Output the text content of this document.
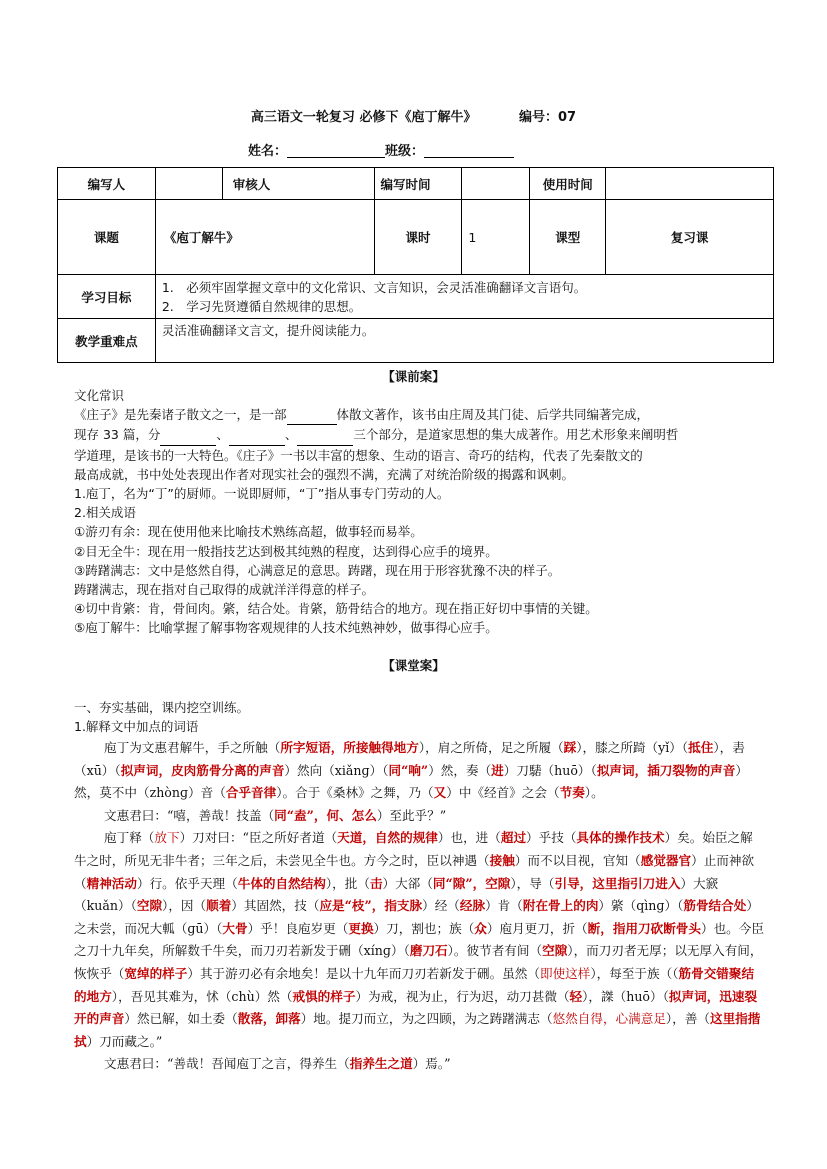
高三语文一轮复习 必修下《庖丁解牛》	编号：07
姓名：	班级：
编写人		审核人	编写时间		使用时间	
课题	《庖丁解牛》		课时	1	课型	复习课
学习目标	1.　必须牢固掌握文章中的文化常识、文言知识，会灵活准确翻译文言语句。
2.　学习先贤遵循自然规律的思想。					

教学重难点	灵活准确翻译文言文，提升阅读能力。					
【课前案】

文化常识

《庄子》是先秦诸子散文之一，是一部	体散文著作，该书由庄周及其门徒、后学共同编著完成，

现存 33 篇，分	、	、	三个部分，是道家思想的集大成著作。用艺术形象来阐明哲

学道理，是该书的一大特色。《庄子》一书以丰富的想象、生动的语言、奇巧的结构，代表了先秦散文的

最高成就，书中处处表现出作者对现实社会的强烈不满，充满了对统治阶级的揭露和讽刺。

1.庖丁，名为“丁”的厨师。一说即厨师，“丁”指从事专门劳动的人。

2.相关成语

①游刃有余：现在使用他来比喻技术熟练高超，做事轻而易举。

②目无全牛：现在用一般指技艺达到极其纯熟的程度，达到得心应手的境界。

③踌躇满志：文中是悠然自得，心满意足的意思。踌躇，现在用于形容犹豫不决的样子。

踌躇满志，现在指对自己取得的成就洋洋得意的样子。

④切中肯綮：肯，骨间肉。綮，结合处。肯綮，筋骨结合的地方。现在指正好切中事情的关键。

⑤庖丁解牛：比喻掌握了解事物客观规律的人技术纯熟神妙，做事得心应手。

【课堂案】

一、夯实基础，课内挖空训练。

1.解释文中加点的词语

庖丁为文惠君解牛，手之所触（所字短语，所接触得地方），肩之所倚，足之所履（踩），膝之所踦（yǐ）（抵住），砉（xū）（拟声词，皮肉筋骨分离的声音）然向（xiǎnɡ）（同“响”）然，奏（进）刀騞（huō）（拟声词，插刀裂物的声音）然，莫不中（zhònɡ）音（合乎音律）。合于《桑林》之舞，乃（又）中《经首》之会（节奏）。

文惠君曰：“嘻，善哉！技盖（同“盍”，何、怎么）至此乎？”

庖丁释（放下）刀对曰：“臣之所好者道（天道，自然的规律）也，进（超过）乎技（具体的操作技术）矣。始臣之解牛之时，所见无非牛者；三年之后，未尝见全牛也。方今之时，臣以神遇（接触）而不以目视，官知（感觉器官）止而神欲（精神活动）行。依乎天理（牛体的自然结构），批（击）大郤（同“隙”，空隙），导（引导，这里指引刀进入）大窾（kuǎn）（空隙），因（顺着）其固然，技（应是“枝”，指支脉）经（经脉）肯（附在骨上的肉）綮（qìnɡ）（筋骨结合处）之未尝，而况大軱（ɡū）（大骨）乎！良庖岁更（更换）刀，割也；族（众）庖月更刀，折（断，指用刀砍断骨头）也。今臣之刀十九年矣，所解数千牛矣，而刀刃若新发于硎（xínɡ）（磨刀石）。彼节者有间（空隙），而刀刃者无厚；以无厚入有间，恢恢乎（宽绰的样子）其于游刃必有余地矣！是以十九年而刀刃若新发于硎。虽然（即使这样），每至于族（（筋骨交错聚结的地方），吾见其难为，怵（chù）然（戒惧的样子）为戒，视为止，行为迟，动刀甚微（轻），謋（huō）（拟声词，迅速裂开的声音）然已解，如土委（散落，卸落）地。提刀而立，为之四顾，为之踌躇满志（悠然自得，心满意足），善（这里指揩拭）刀而藏之。”

文惠君曰：“善哉！吾闻庖丁之言，得养生（指养生之道）焉。”
